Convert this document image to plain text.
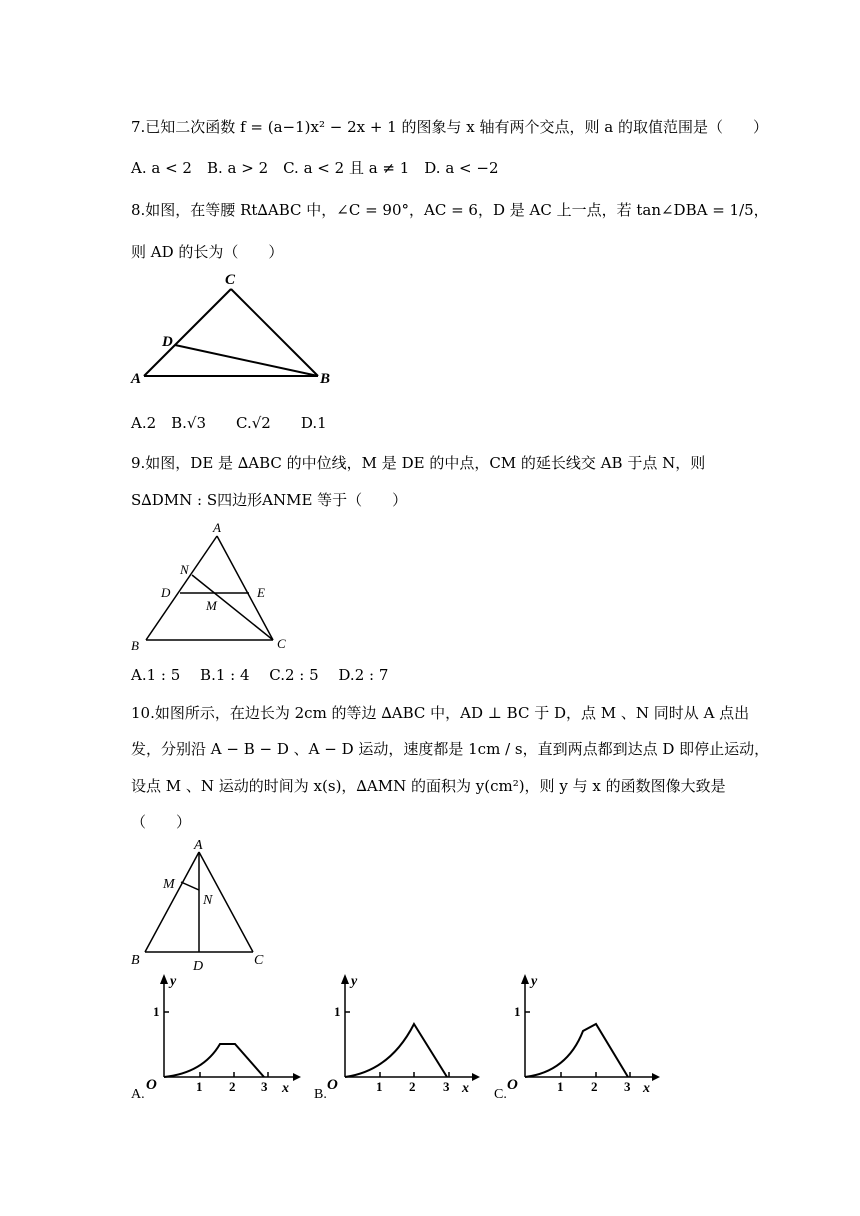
7.已知二次函数 f = (a−1)x² − 2x + 1 的图象与 x 轴有两个交点，则 a 的取值范围是（　　）
A. a < 2　B. a > 2　C. a < 2 且 a ≠ 1　D. a < −2
8.如图，在等腰 Rt∆ABC 中，∠C = 90°，AC = 6，D 是 AC 上一点，若 tan∠DBA = 1/5，
则 AD 的长为（　　）
C
D
A	B
A.2　B.√3　　C.√2　　D.1
9.如图，DE 是 ∆ABC 的中位线，M 是 DE 的中点，CM 的延长线交 AB 于点 N，则
S∆DMN : S四边形ANME 等于（　　）
A
N
D	E
M
B	C
A.1 : 5　 B.1 : 4　 C.2 : 5　 D.2 : 7
10.如图所示，在边长为 2cm 的等边 ∆ABC 中，AD ⊥ BC 于 D，点 M 、N 同时从 A 点出
发，分别沿 A − B − D 、A − D 运动，速度都是 1cm / s，直到两点都到达点 D 即停止运动，
设点 M 、N 运动的时间为 x(s)，∆AMN 的面积为 y(cm²)，则 y 与 x 的函数图像大致是
（　　）
A
M
N
B	D	C
y
1
O	1 2 3 x
A.
y
1
O	1 2 3 x
B.
y
1
O	1 2 3 x
C.
